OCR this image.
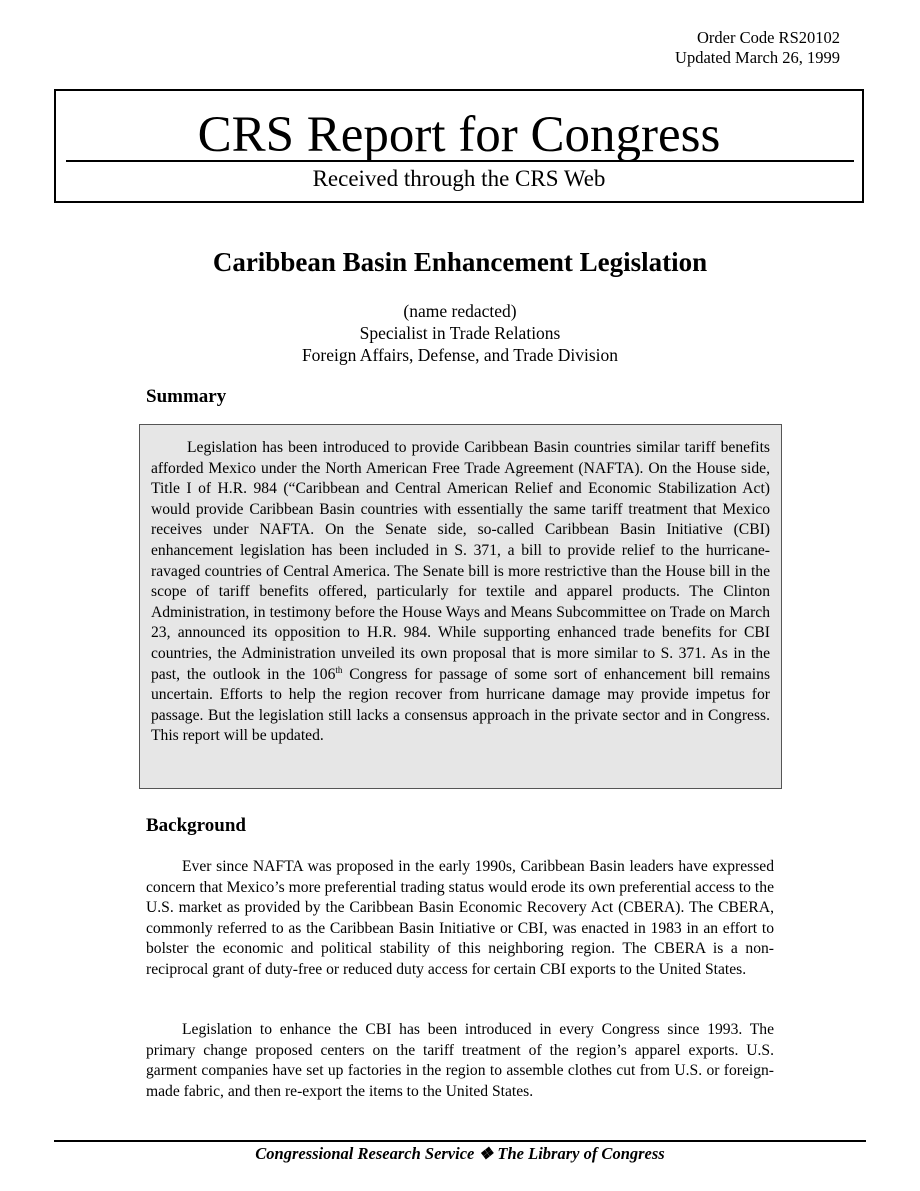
Order Code RS20102
Updated March 26, 1999
CRS Report for Congress
Received through the CRS Web
Caribbean Basin Enhancement Legislation
(name redacted)
Specialist in Trade Relations
Foreign Affairs, Defense, and Trade Division
Summary

Legislation has been introduced to provide Caribbean Basin countries similar tariff benefits afforded Mexico under the North American Free Trade Agreement (NAFTA). On the House side, Title I of H.R. 984 (“Caribbean and Central American Relief and Economic Stabilization Act) would provide Caribbean Basin countries with essentially the same tariff treatment that Mexico receives under NAFTA. On the Senate side, so-called Caribbean Basin Initiative (CBI) enhancement legislation has been included in S. 371, a bill to provide relief to the hurricane-ravaged countries of Central America. The Senate bill is more restrictive than the House bill in the scope of tariff benefits offered, particularly for textile and apparel products. The Clinton Administration, in testimony before the House Ways and Means Subcommittee on Trade on March 23, announced its opposition to H.R. 984. While supporting enhanced trade benefits for CBI countries, the Administration unveiled its own proposal that is more similar to S. 371. As in the past, the outlook in the 106th Congress for passage of some sort of enhancement bill remains uncertain. Efforts to help the region recover from hurricane damage may provide impetus for passage. But the legislation still lacks a consensus approach in the private sector and in Congress. This report will be updated.

Background

Ever since NAFTA was proposed in the early 1990s, Caribbean Basin leaders have expressed concern that Mexico’s more preferential trading status would erode its own preferential access to the U.S. market as provided by the Caribbean Basin Economic Recovery Act (CBERA). The CBERA, commonly referred to as the Caribbean Basin Initiative or CBI, was enacted in 1983 in an effort to bolster the economic and political stability of this neighboring region. The CBERA is a non-reciprocal grant of duty-free or reduced duty access for certain CBI exports to the United States.

Legislation to enhance the CBI has been introduced in every Congress since 1993. The primary change proposed centers on the tariff treatment of the region’s apparel exports. U.S. garment companies have set up factories in the region to assemble clothes cut from U.S. or foreign-made fabric, and then re-export the items to the United States.

Congressional Research Service ❖ The Library of Congress
